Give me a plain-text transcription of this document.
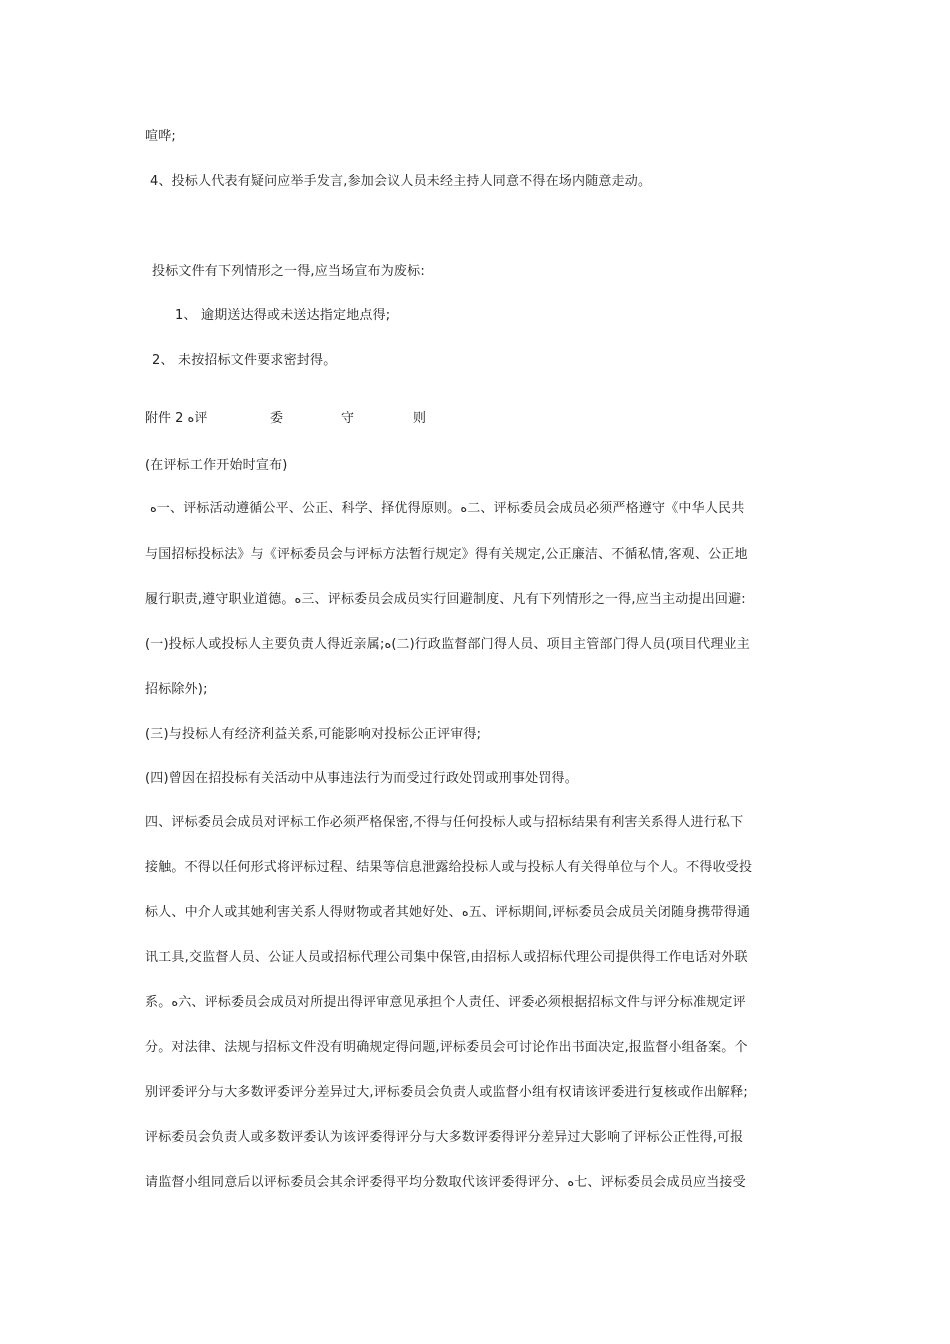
喧哗;
4、投标人代表有疑问应举手发言,参加会议人员未经主持人同意不得在场内随意走动。
投标文件有下列情形之一得,应当场宣布为废标:
1、 逾期送达得或未送达指定地点得;
2、 未按招标文件要求密封得。
附件 2 ﻩ评	委	守	则
(在评标工作开始时宣布)
ﻩ一、评标活动遵循公平、公正、科学、择优得原则。ﻩ二、评标委员会成员必须严格遵守《中华人民共
与国招标投标法》与《评标委员会与评标方法暂行规定》得有关规定,公正廉洁、不循私情,客观、公正地
履行职责,遵守职业道德。ﻩ三、评标委员会成员实行回避制度、凡有下列情形之一得,应当主动提出回避:
(一)投标人或投标人主要负责人得近亲属;ﻩ(二)行政监督部门得人员、项目主管部门得人员(项目代理业主
招标除外);
(三)与投标人有经济利益关系,可能影响对投标公正评审得;
(四)曾因在招投标有关活动中从事违法行为而受过行政处罚或刑事处罚得。
四、评标委员会成员对评标工作必须严格保密,不得与任何投标人或与招标结果有利害关系得人进行私下
接触。不得以任何形式将评标过程、结果等信息泄露给投标人或与投标人有关得单位与个人。不得收受投
标人、中介人或其她利害关系人得财物或者其她好处、ﻩ五、评标期间,评标委员会成员关闭随身携带得通
讯工具,交监督人员、公证人员或招标代理公司集中保管,由招标人或招标代理公司提供得工作电话对外联
系。ﻩ六、评标委员会成员对所提出得评审意见承担个人责任、评委必须根据招标文件与评分标准规定评
分。对法律、法规与招标文件没有明确规定得问题,评标委员会可讨论作出书面决定,报监督小组备案。个
别评委评分与大多数评委评分差异过大,评标委员会负责人或监督小组有权请该评委进行复核或作出解释;
评标委员会负责人或多数评委认为该评委得评分与大多数评委得评分差异过大影响了评标公正性得,可报
请监督小组同意后以评标委员会其余评委得平均分数取代该评委得评分、ﻩ七、评标委员会成员应当接受
